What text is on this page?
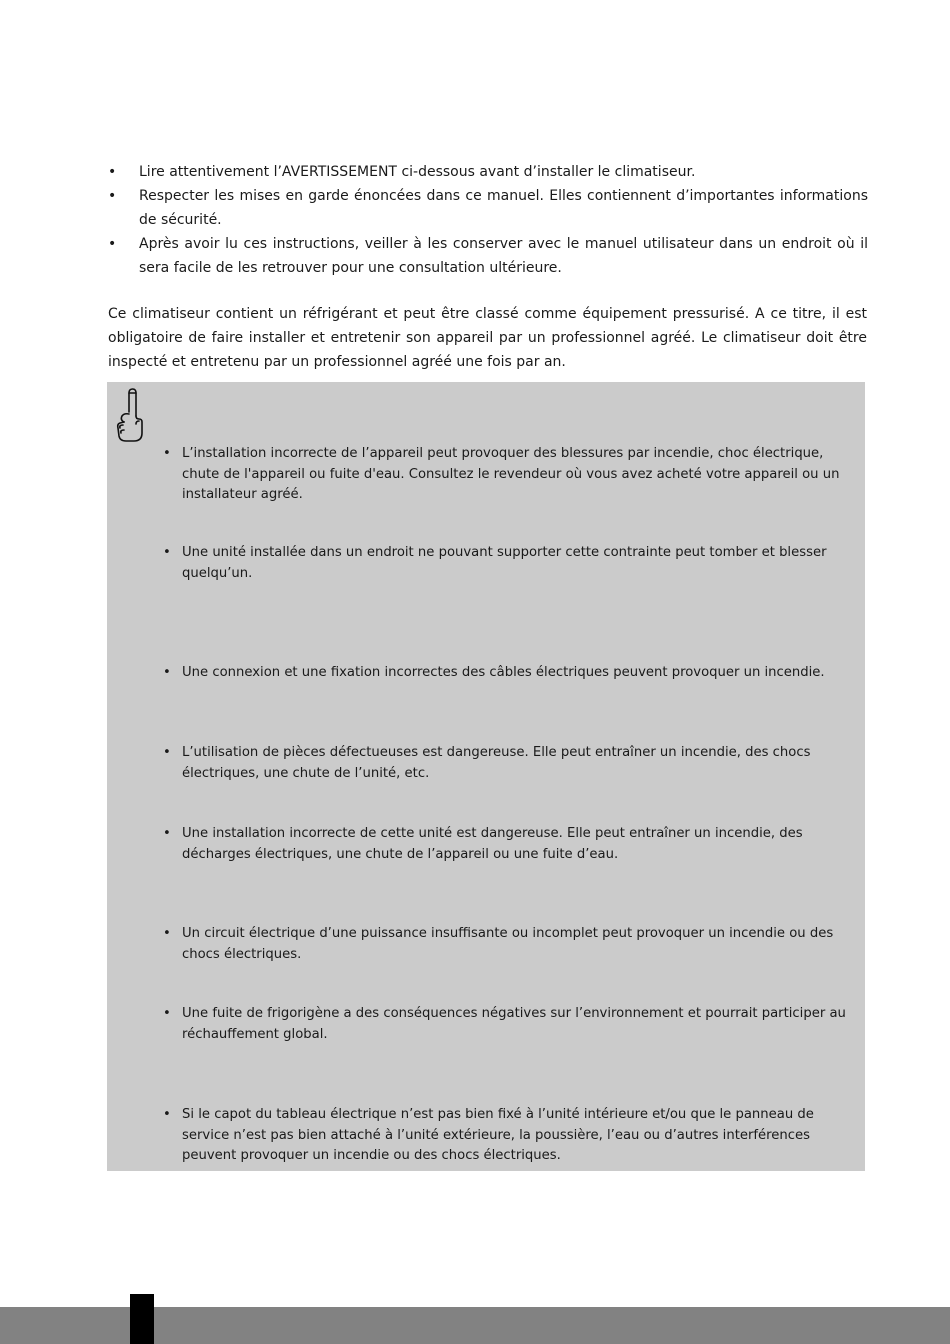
• Lire attentivement l’AVERTISSEMENT ci-dessous avant d’installer le climatiseur.
• Respecter les mises en garde énoncées dans ce manuel. Elles contiennent d’importantes informations de sécurité.
• Après avoir lu ces instructions, veiller à les conserver avec le manuel utilisateur dans un endroit où il sera facile de les retrouver pour une consultation ultérieure.

Ce climatiseur contient un réfrigérant et peut être classé comme équipement pressurisé. A ce titre, il est obligatoire de faire installer et entretenir son appareil par un professionnel agréé. Le climatiseur doit être inspecté et entretenu par un professionnel agréé une fois par an.

• L’installation incorrecte de l’appareil peut provoquer des blessures par incendie, choc électrique, chute de l'appareil ou fuite d'eau. Consultez le revendeur où vous avez acheté votre appareil ou un installateur agréé.
• Une unité installée dans un endroit ne pouvant supporter cette contrainte peut tomber et blesser quelqu’un.
• Une connexion et une fixation incorrectes des câbles électriques peuvent provoquer un incendie.
• L’utilisation de pièces défectueuses est dangereuse. Elle peut entraîner un incendie, des chocs électriques, une chute de l’unité, etc.
• Une installation incorrecte de cette unité est dangereuse. Elle peut entraîner un incendie, des décharges électriques, une chute de l’appareil ou une fuite d’eau.
• Un circuit électrique d’une puissance insuffisante ou incomplet peut provoquer un incendie ou des chocs électriques.
• Une fuite de frigorigène a des conséquences négatives sur l’environnement et pourrait participer au réchauffement global.
• Si le capot du tableau électrique n’est pas bien fixé à l’unité intérieure et/ou que le panneau de service n’est pas bien attaché à l’unité extérieure, la poussière, l’eau ou d’autres interférences peuvent provoquer un incendie ou des chocs électriques.
